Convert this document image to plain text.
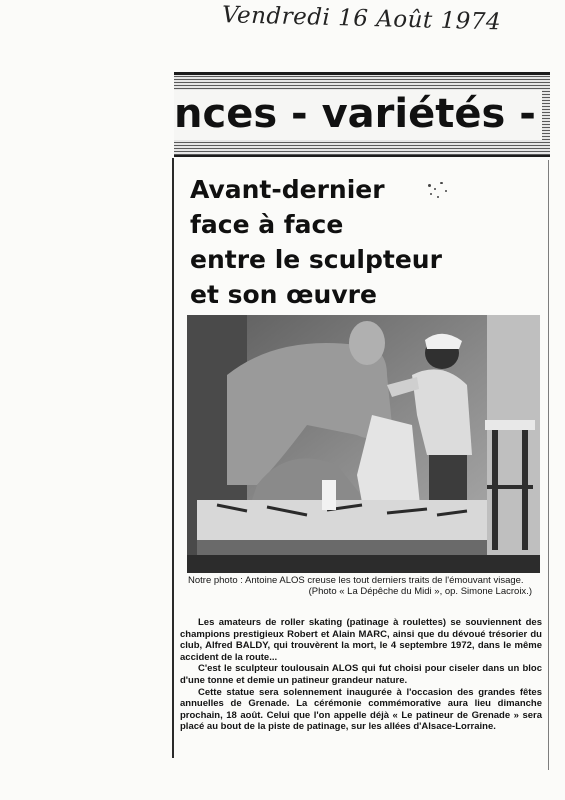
Vendredi 16 Août 1974
nces - variétés -
Avant-dernier
face à face
entre le sculpteur
et son œuvre
Notre photo : Antoine ALOS creuse les tout derniers traits de l'émouvant visage.
(Photo « La Dépêche du Midi », op. Simone Lacroix.)
Les amateurs de roller skating (patinage à roulettes) se souviennent des champions prestigieux Robert et Alain MARC, ainsi que du dévoué trésorier du club, Alfred BALDY, qui trouvèrent la mort, le 4 septembre 1972, dans le même accident de la route...
C'est le sculpteur toulousain ALOS qui fut choisi pour ciseler dans un bloc d'une tonne et demie un patineur grandeur nature.
Cette statue sera solennement inaugurée à l'occasion des grandes fêtes annuelles de Grenade. La cérémonie commémorative aura lieu dimanche prochain, 18 août. Celui que l'on appelle déjà « Le patineur de Grenade » sera placé au bout de la piste de patinage, sur les allées d'Alsace-Lorraine.
